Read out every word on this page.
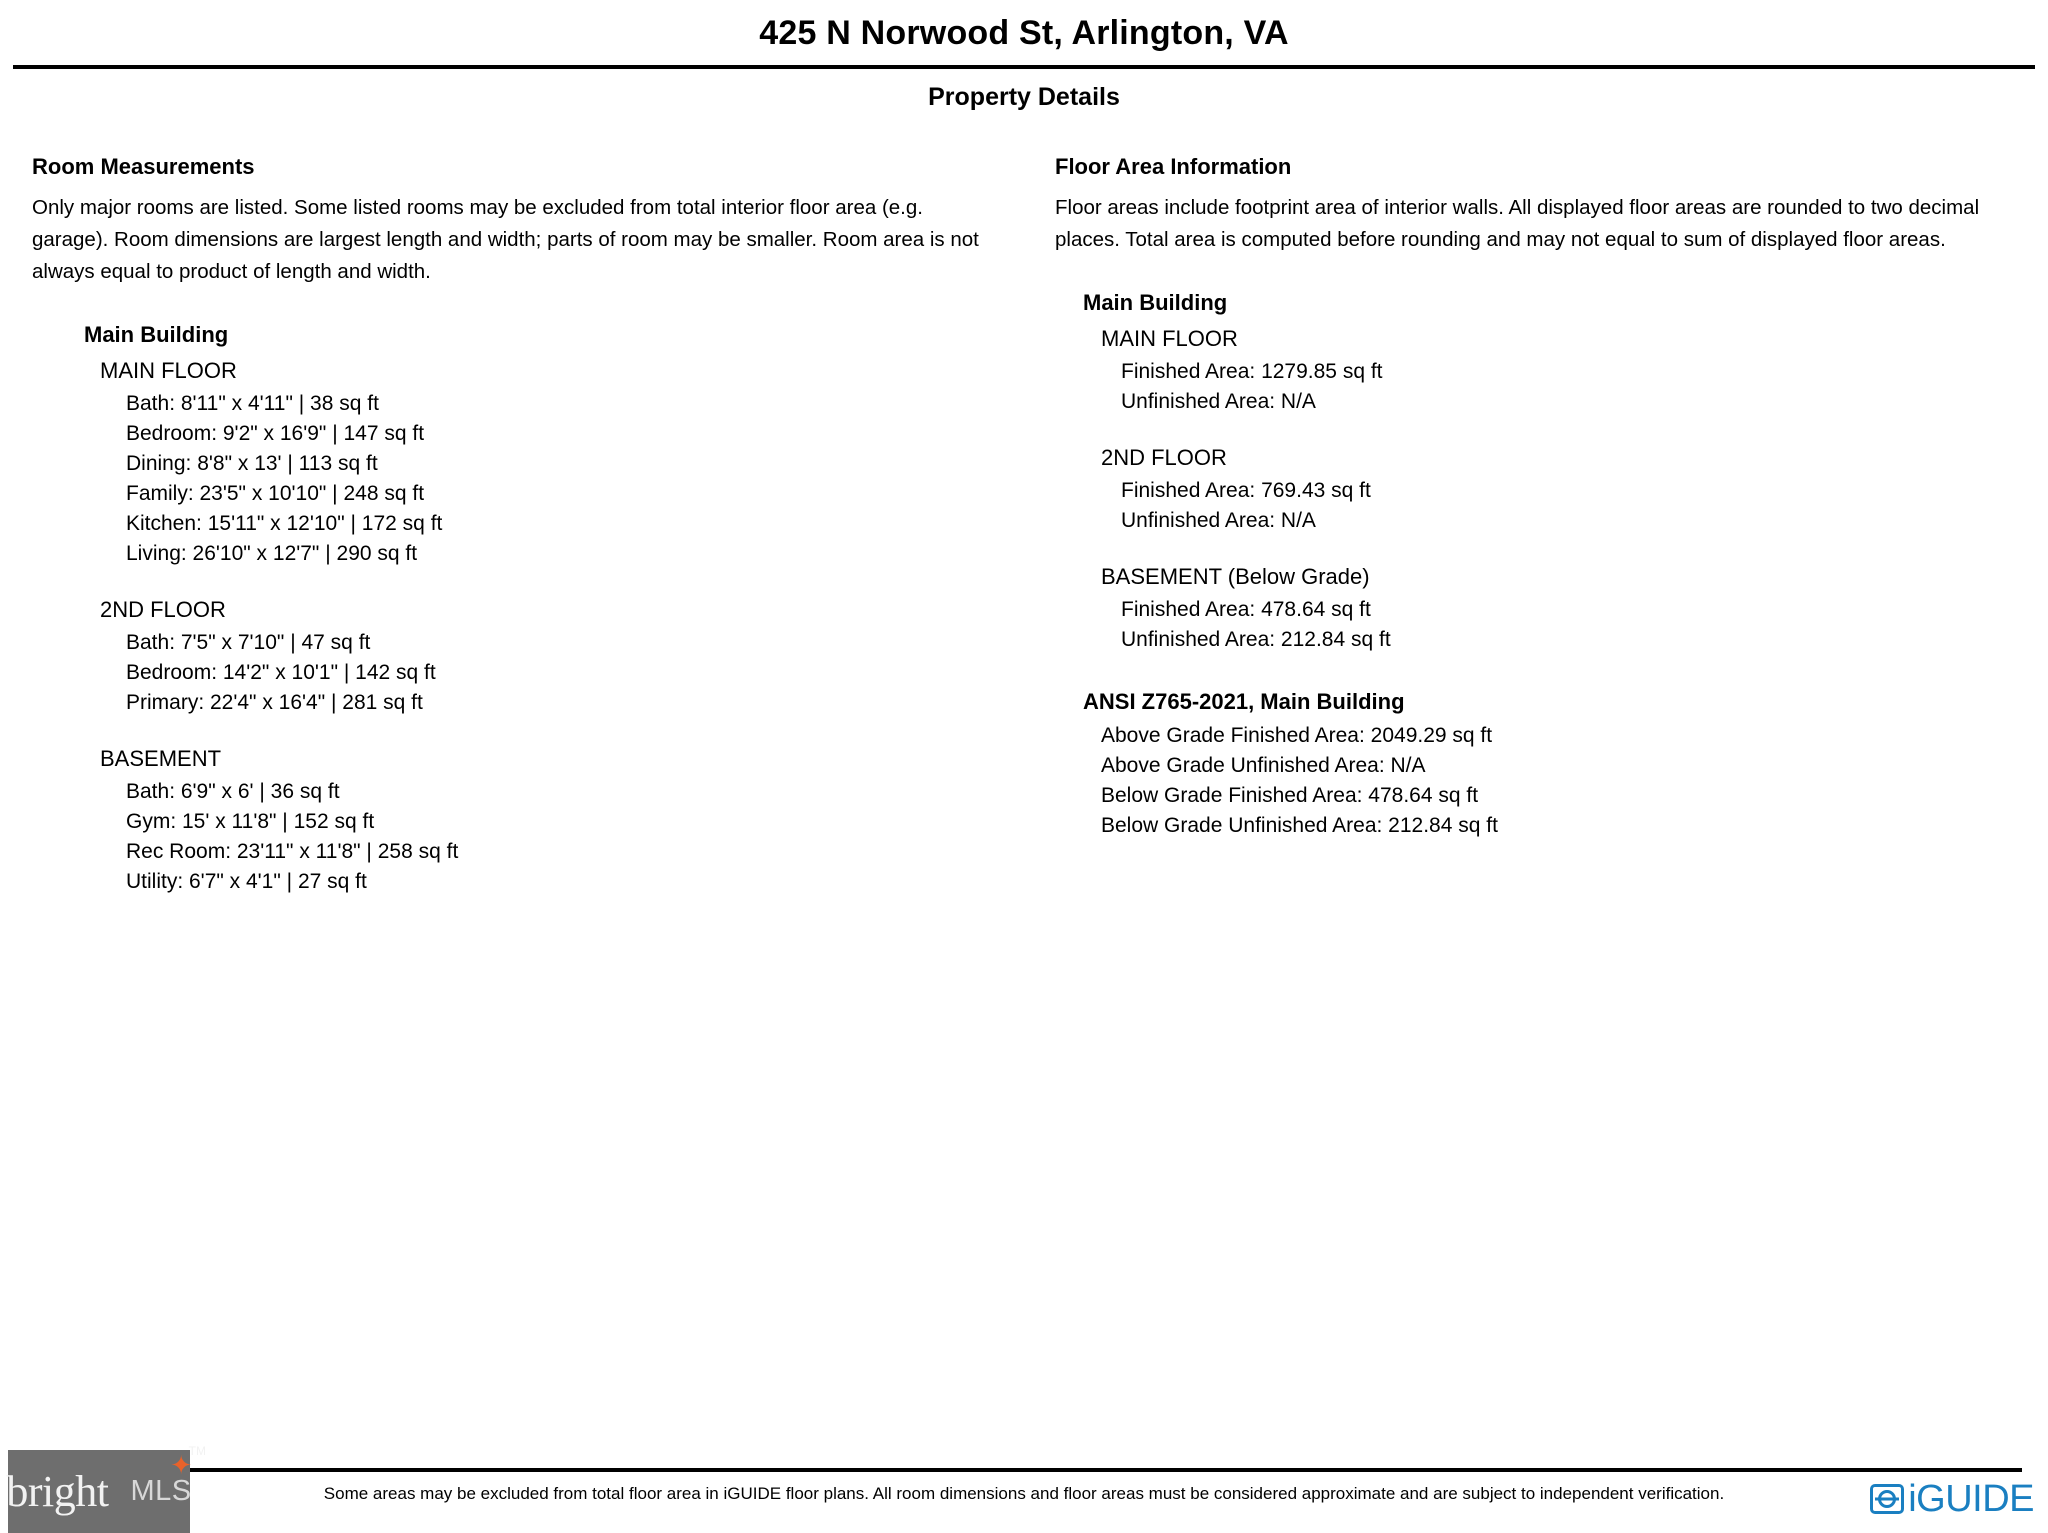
425 N Norwood St, Arlington, VA
Property Details
Room Measurements
Only major rooms are listed. Some listed rooms may be excluded from total interior floor area (e.g. garage). Room dimensions are largest length and width; parts of room may be smaller. Room area is not always equal to product of length and width.
Main Building
MAIN FLOOR
Bath: 8'11" x 4'11" | 38 sq ft
Bedroom: 9'2" x 16'9" | 147 sq ft
Dining: 8'8" x 13' | 113 sq ft
Family: 23'5" x 10'10" | 248 sq ft
Kitchen: 15'11" x 12'10" | 172 sq ft
Living: 26'10" x 12'7" | 290 sq ft
2ND FLOOR
Bath: 7'5" x 7'10" | 47 sq ft
Bedroom: 14'2" x 10'1" | 142 sq ft
Primary: 22'4" x 16'4" | 281 sq ft
BASEMENT
Bath: 6'9" x 6' | 36 sq ft
Gym: 15' x 11'8" | 152 sq ft
Rec Room: 23'11" x 11'8" | 258 sq ft
Utility: 6'7" x 4'1" | 27 sq ft
Floor Area Information
Floor areas include footprint area of interior walls. All displayed floor areas are rounded to two decimal places. Total area is computed before rounding and may not equal to sum of displayed floor areas.
Main Building
MAIN FLOOR
Finished Area: 1279.85 sq ft
Unfinished Area: N/A
2ND FLOOR
Finished Area: 769.43 sq ft
Unfinished Area: N/A
BASEMENT (Below Grade)
Finished Area: 478.64 sq ft
Unfinished Area: 212.84 sq ft
ANSI Z765-2021, Main Building
Above Grade Finished Area: 2049.29 sq ft
Above Grade Unfinished Area: N/A
Below Grade Finished Area: 478.64 sq ft
Below Grade Unfinished Area: 212.84 sq ft
Some areas may be excluded from total floor area in iGUIDE floor plans. All room dimensions and floor areas must be considered approximate and are subject to independent verification.
bright
✦
TM
MLS	iGUIDE
